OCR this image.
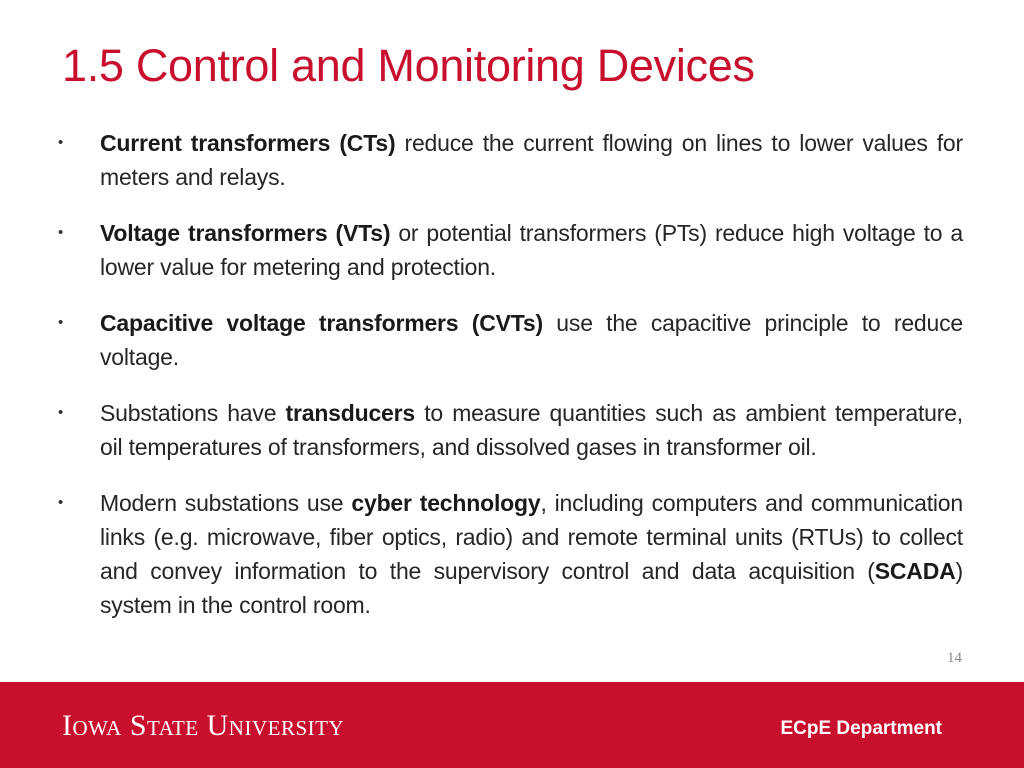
1.5 Control and Monitoring Devices
• Current transformers (CTs) reduce the current flowing on lines to lower values for meters and relays.
• Voltage transformers (VTs) or potential transformers (PTs) reduce high voltage to a lower value for metering and protection.
• Capacitive voltage transformers (CVTs) use the capacitive principle to reduce voltage.
• Substations have transducers to measure quantities such as ambient temperature, oil temperatures of transformers, and dissolved gases in transformer oil.
• Modern substations use cyber technology, including computers and communication links (e.g. microwave, fiber optics, radio) and remote terminal units (RTUs) to collect and convey information to the supervisory control and data acquisition (SCADA) system in the control room.
14
Iowa State University	ECpE Department
